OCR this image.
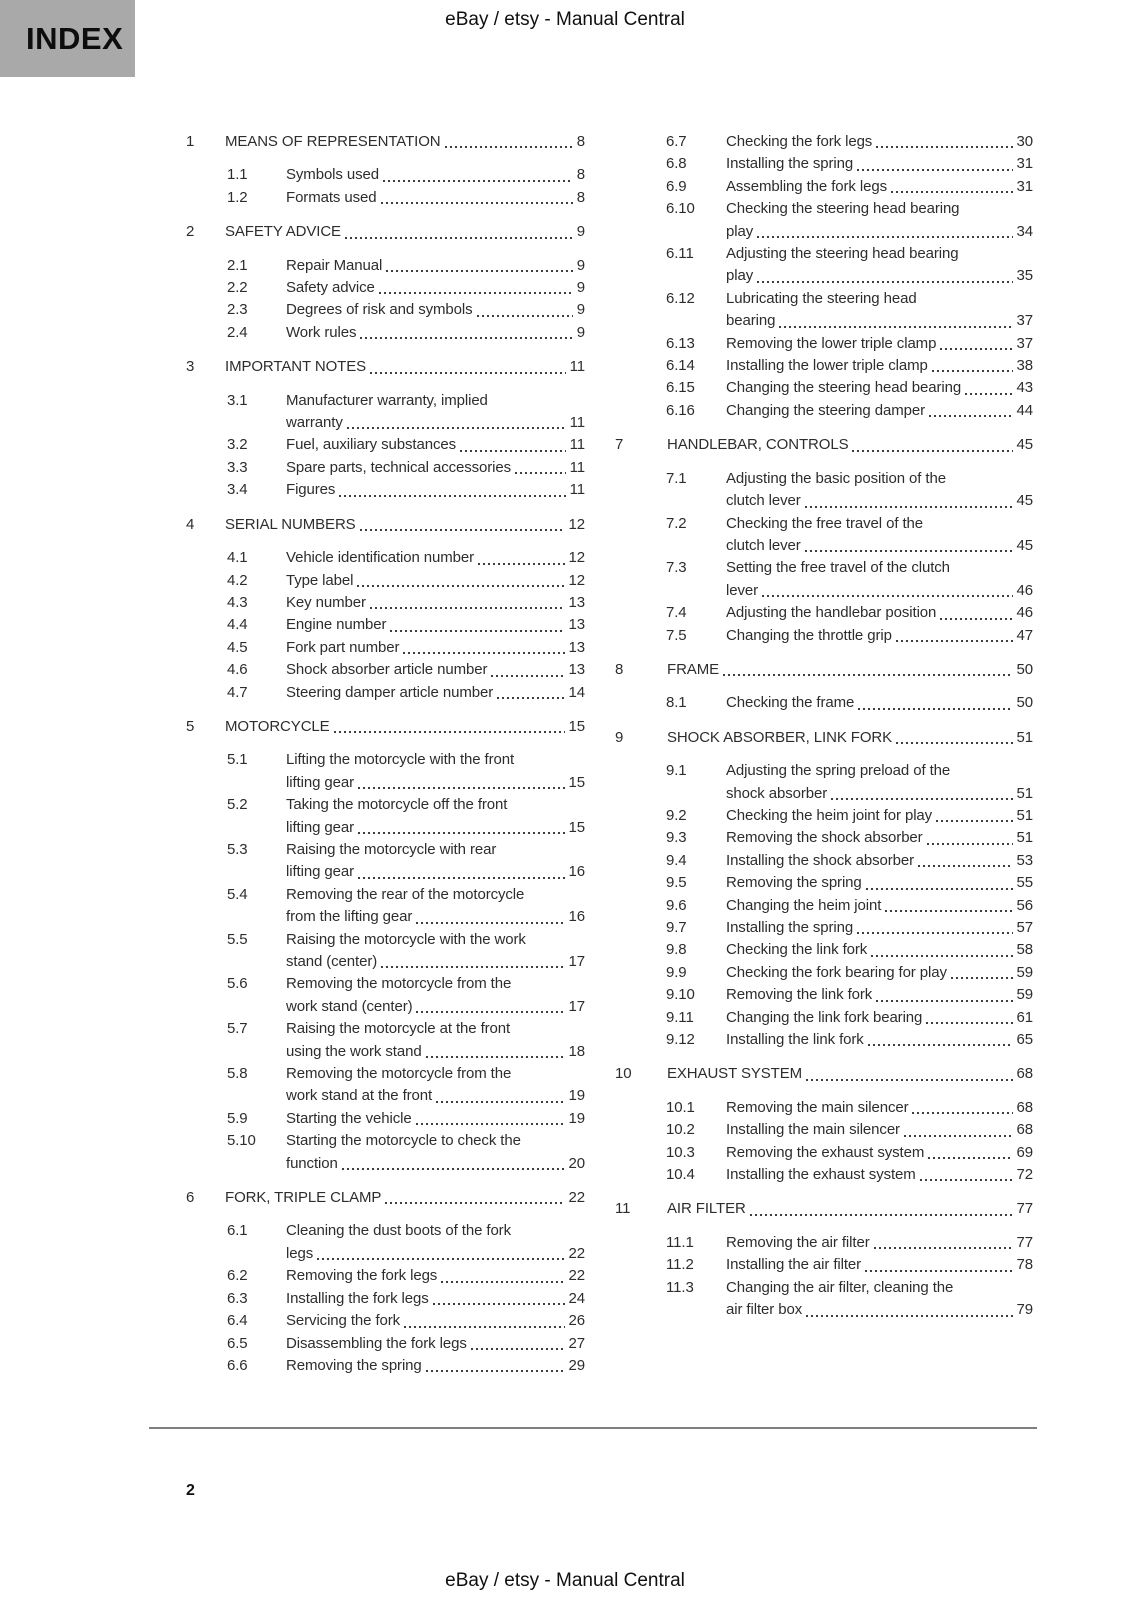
INDEX
eBay / etsy - Manual Central
1	MEANS OF REPRESENTATION	8
1.1	Symbols used	8
1.2	Formats used	8
2	SAFETY ADVICE	9
2.1	Repair Manual	9
2.2	Safety advice	9
2.3	Degrees of risk and symbols	9
2.4	Work rules	9
3	IMPORTANT NOTES	11
3.1	Manufacturer warranty, implied
warranty	11
3.2	Fuel, auxiliary substances	11
3.3	Spare parts, technical accessories	11
3.4	Figures	11
4	SERIAL NUMBERS	12
4.1	Vehicle identification number	12
4.2	Type label	12
4.3	Key number	13
4.4	Engine number	13
4.5	Fork part number	13
4.6	Shock absorber article number	13
4.7	Steering damper article number	14
5	MOTORCYCLE	15
5.1	Lifting the motorcycle with the front
lifting gear	15
5.2	Taking the motorcycle off the front
lifting gear	15
5.3	Raising the motorcycle with rear
lifting gear	16
5.4	Removing the rear of the motorcycle
from the lifting gear	16
5.5	Raising the motorcycle with the work
stand (center)	17
5.6	Removing the motorcycle from the
work stand (center)	17
5.7	Raising the motorcycle at the front
using the work stand	18
5.8	Removing the motorcycle from the
work stand at the front	19
5.9	Starting the vehicle	19
5.10	Starting the motorcycle to check the
function	20
6	FORK, TRIPLE CLAMP	22
6.1	Cleaning the dust boots of the fork
legs	22
6.2	Removing the fork legs	22
6.3	Installing the fork legs	24
6.4	Servicing the fork	26
6.5	Disassembling the fork legs	27
6.6	Removing the spring	29
6.7	Checking the fork legs	30
6.8	Installing the spring	31
6.9	Assembling the fork legs	31
6.10	Checking the steering head bearing
play	34
6.11	Adjusting the steering head bearing
play	35
6.12	Lubricating the steering head
bearing	37
6.13	Removing the lower triple clamp	37
6.14	Installing the lower triple clamp	38
6.15	Changing the steering head bearing	43
6.16	Changing the steering damper	44
7	HANDLEBAR, CONTROLS	45
7.1	Adjusting the basic position of the
clutch lever	45
7.2	Checking the free travel of the
clutch lever	45
7.3	Setting the free travel of the clutch
lever	46
7.4	Adjusting the handlebar position	46
7.5	Changing the throttle grip	47
8	FRAME	50
8.1	Checking the frame	50
9	SHOCK ABSORBER, LINK FORK	51
9.1	Adjusting the spring preload of the
shock absorber	51
9.2	Checking the heim joint for play	51
9.3	Removing the shock absorber	51
9.4	Installing the shock absorber	53
9.5	Removing the spring	55
9.6	Changing the heim joint	56
9.7	Installing the spring	57
9.8	Checking the link fork	58
9.9	Checking the fork bearing for play	59
9.10	Removing the link fork	59
9.11	Changing the link fork bearing	61
9.12	Installing the link fork	65
10	EXHAUST SYSTEM	68
10.1	Removing the main silencer	68
10.2	Installing the main silencer	68
10.3	Removing the exhaust system	69
10.4	Installing the exhaust system	72
11	AIR FILTER	77
11.1	Removing the air filter	77
11.2	Installing the air filter	78
11.3	Changing the air filter, cleaning the
air filter box	79
2
eBay / etsy - Manual Central
